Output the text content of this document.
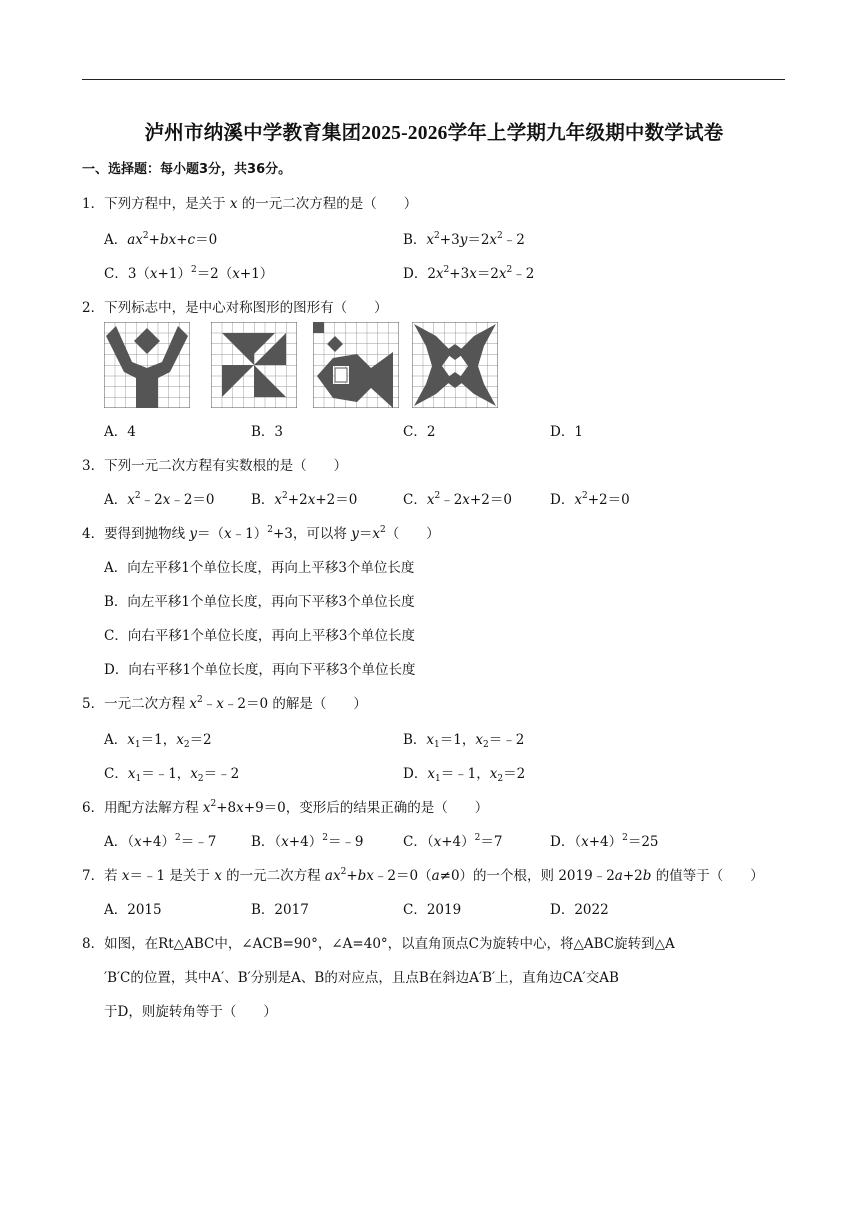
泸州市纳溪中学教育集团2025-2026学年上学期九年级期中数学试卷
一、选择题：每小题3分，共36分。
1．下列方程中，是关于 x 的一元二次方程的是（　　）
A．$ax^2+bx+c=0$	B．$x^2+3y=2x^2﹣2$
C．$3(x+1)^2=2(x+1)$	D．$2x^2+3x=2x^2﹣2$
2．下列标志中，是中心对称图形的图形有（　　）
A．4	B．3	C．2	D．1
3．下列一元二次方程有实数根的是（　　）
A．$x^2﹣2x﹣2=0$	B．$x^2+2x+2=0$	C．$x^2﹣2x+2=0$	D．$x^2+2=0$
4．要得到抛物线 y＝（x﹣1）$^2$+3，可以将 $y=x^2$（　　）
A．向左平移1个单位长度，再向上平移3个单位长度
B．向左平移1个单位长度，再向下平移3个单位长度
C．向右平移1个单位长度，再向上平移3个单位长度
D．向右平移1个单位长度，再向下平移3个单位长度
5．一元二次方程 $x^2﹣x﹣2=0$ 的解是（　　）
A．$x_1=1$，$x_2=2$	B．$x_1=1$，$x_2=﹣2$
C．$x_1=﹣1$，$x_2=﹣2$	D．$x_1=﹣1$，$x_2=2$
6．用配方法解方程 $x^2+8x+9=0$，变形后的结果正确的是（　　）
A．$(x+4)^2=﹣7$	B．$(x+4)^2=﹣9$	C．$(x+4)^2=7$	D．$(x+4)^2=25$
7．若 x＝﹣1 是关于 x 的一元二次方程 $ax^2+bx﹣2=0(a\ne 0)$的一个根，则 2019﹣2a+2b 的值等于（　　）
A．2015	B．2017	C．2019	D．2022
8．如图，在Rt△ABC中，∠ACB=90°，∠A=40°，以直角顶点C为旋转中心，将△ABC旋转到△A
′B′C的位置，其中A′、B′分别是A、B的对应点，且点B在斜边A′B′上，直角边CA′交AB
于D，则旋转角等于（　　）
